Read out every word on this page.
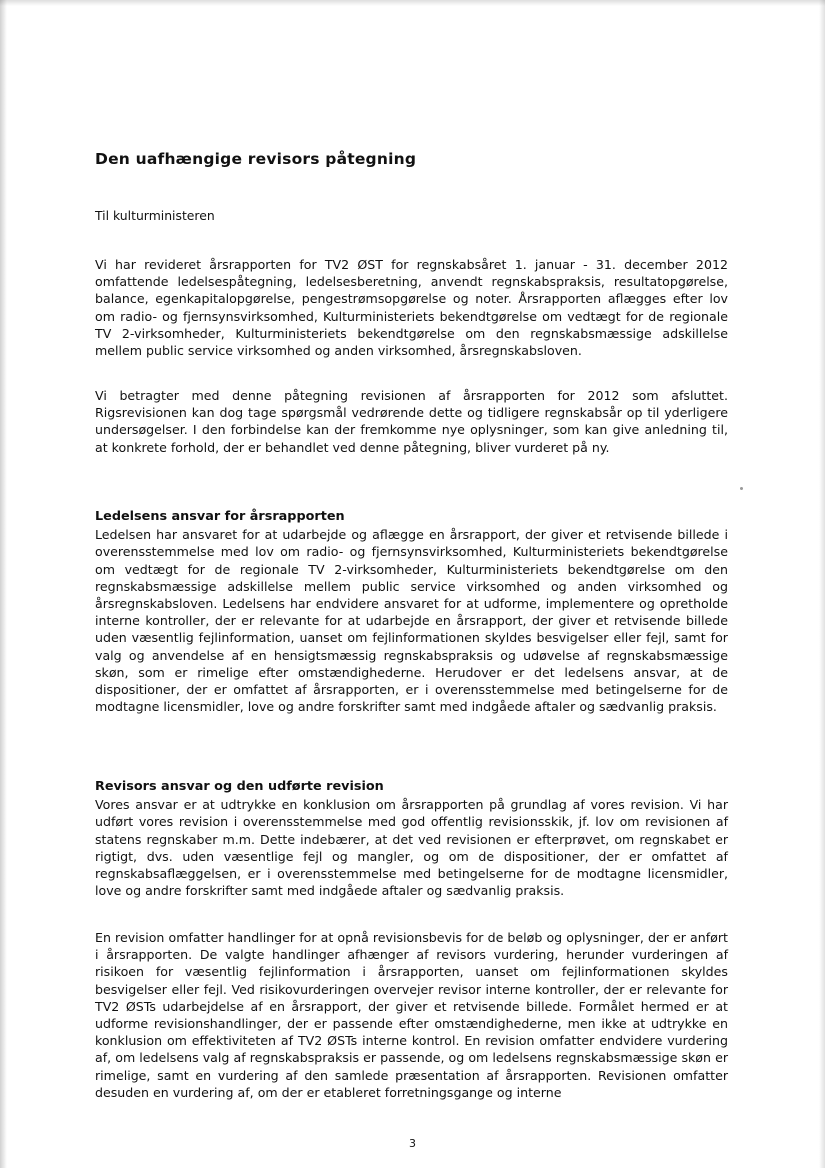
Den uafhængige revisors påtegning
Til kulturministeren

Vi har revideret årsrapporten for TV2 ØST for regnskabsåret 1. januar - 31. december 2012 omfattende ledelsespåtegning, ledelsesberetning, anvendt regnskabspraksis, resultatopgørelse, balance, egenkapitalopgørelse, pengestrømsopgørelse og noter. Årsrapporten aflægges efter lov om radio- og fjernsynsvirksomhed, Kulturministeriets bekendtgørelse om vedtægt for de regionale TV 2-virksomheder, Kulturministeriets bekendtgørelse om den regnskabsmæssige adskillelse mellem public service virksomhed og anden virksomhed, årsregnskabsloven.

Vi betragter med denne påtegning revisionen af årsrapporten for 2012 som afsluttet. Rigsrevisionen kan dog tage spørgsmål vedrørende dette og tidligere regnskabsår op til yderligere undersøgelser. I den forbindelse kan der fremkomme nye oplysninger, som kan give anledning til, at konkrete forhold, der er behandlet ved denne påtegning, bliver vurderet på ny.

Ledelsens ansvar for årsrapporten

Ledelsen har ansvaret for at udarbejde og aflægge en årsrapport, der giver et retvisende billede i overensstemmelse med lov om radio- og fjernsynsvirksomhed, Kulturministeriets bekendtgørelse om vedtægt for de regionale TV 2-virksomheder, Kulturministeriets bekendtgørelse om den regnskabsmæssige adskillelse mellem public service virksomhed og anden virksomhed og årsregnskabsloven. Ledelsens har endvidere ansvaret for at udforme, implementere og opretholde interne kontroller, der er relevante for at udarbejde en årsrapport, der giver et retvisende billede uden væsentlig fejlinformation, uanset om fejlinformationen skyldes besvigelser eller fejl, samt for valg og anvendelse af en hensigtsmæssig regnskabspraksis og udøvelse af regnskabsmæssige skøn, som er rimelige efter omstændighederne. Herudover er det ledelsens ansvar, at de dispositioner, der er omfattet af årsrapporten, er i overensstemmelse med betingelserne for de modtagne licensmidler, love og andre forskrifter samt med indgåede aftaler og sædvanlig praksis.

Revisors ansvar og den udførte revision

Vores ansvar er at udtrykke en konklusion om årsrapporten på grundlag af vores revision. Vi har udført vores revision i overensstemmelse med god offentlig revisionsskik, jf. lov om revisionen af statens regnskaber m.m. Dette indebærer, at det ved revisionen er efterprøvet, om regnskabet er rigtigt, dvs. uden væsentlige fejl og mangler, og om de dispositioner, der er omfattet af regnskabsaflæggelsen, er i overensstemmelse med betingelserne for de modtagne licensmidler, love og andre forskrifter samt med indgåede aftaler og sædvanlig praksis.

En revision omfatter handlinger for at opnå revisionsbevis for de beløb og oplysninger, der er anført i årsrapporten. De valgte handlinger afhænger af revisors vurdering, herunder vurderingen af risikoen for væsentlig fejlinformation i årsrapporten, uanset om fejlinformationen skyldes besvigelser eller fejl. Ved risikovurderingen overvejer revisor interne kontroller, der er relevante for TV2 ØSTs udarbejdelse af en årsrapport, der giver et retvisende billede. Formålet hermed er at udforme revisionshandlinger, der er passende efter omstændighederne, men ikke at udtrykke en konklusion om effektiviteten af TV2 ØSTs interne kontrol. En revision omfatter endvidere vurdering af, om ledelsens valg af regnskabspraksis er passende, og om ledelsens regnskabsmæssige skøn er rimelige, samt en vurdering af den samlede præsentation af årsrapporten. Revisionen omfatter desuden en vurdering af, om der er etableret forretningsgange og interne

3
